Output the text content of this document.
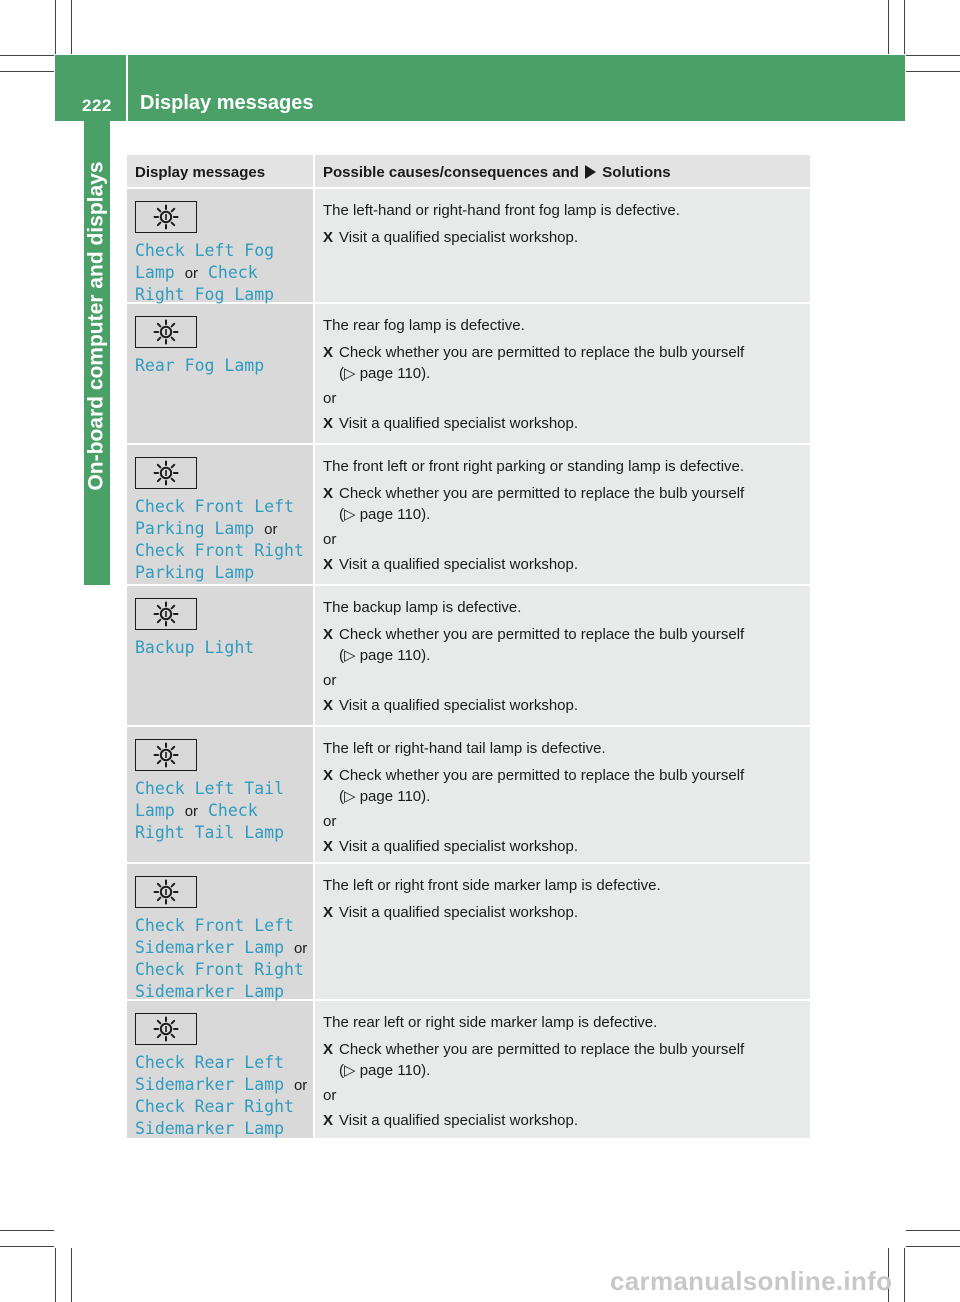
222 Display messages
On-board computer and displays	Display messages	Possible causes/consequences and Solutions
Check Left Fog
Lamp or Check
Right Fog Lamp
The left-hand or right-hand front fog lamp is defective.
X Visit a qualified specialist workshop.
Rear Fog Lamp
The rear fog lamp is defective.
X Check whether you are permitted to replace the bulb yourself
(▷ page 110).
or
X Visit a qualified specialist workshop.
Check Front Left
Parking Lamp or
Check Front Right
Parking Lamp
The front left or front right parking or standing lamp is defective.
X Check whether you are permitted to replace the bulb yourself
(▷ page 110).
or
X Visit a qualified specialist workshop.
Backup Light
The backup lamp is defective.
X Check whether you are permitted to replace the bulb yourself
(▷ page 110).
or
X Visit a qualified specialist workshop.
Check Left Tail
Lamp or Check
Right Tail Lamp
The left or right-hand tail lamp is defective.
X Check whether you are permitted to replace the bulb yourself
(▷ page 110).
or
X Visit a qualified specialist workshop.
Check Front Left
Sidemarker Lamp or
Check Front Right
Sidemarker Lamp
The left or right front side marker lamp is defective.
X Visit a qualified specialist workshop.
Check Rear Left
Sidemarker Lamp or
Check Rear Right
Sidemarker Lamp
The rear left or right side marker lamp is defective.
X Check whether you are permitted to replace the bulb yourself
(▷ page 110).
or
X Visit a qualified specialist workshop.
carmanualsonline.info
